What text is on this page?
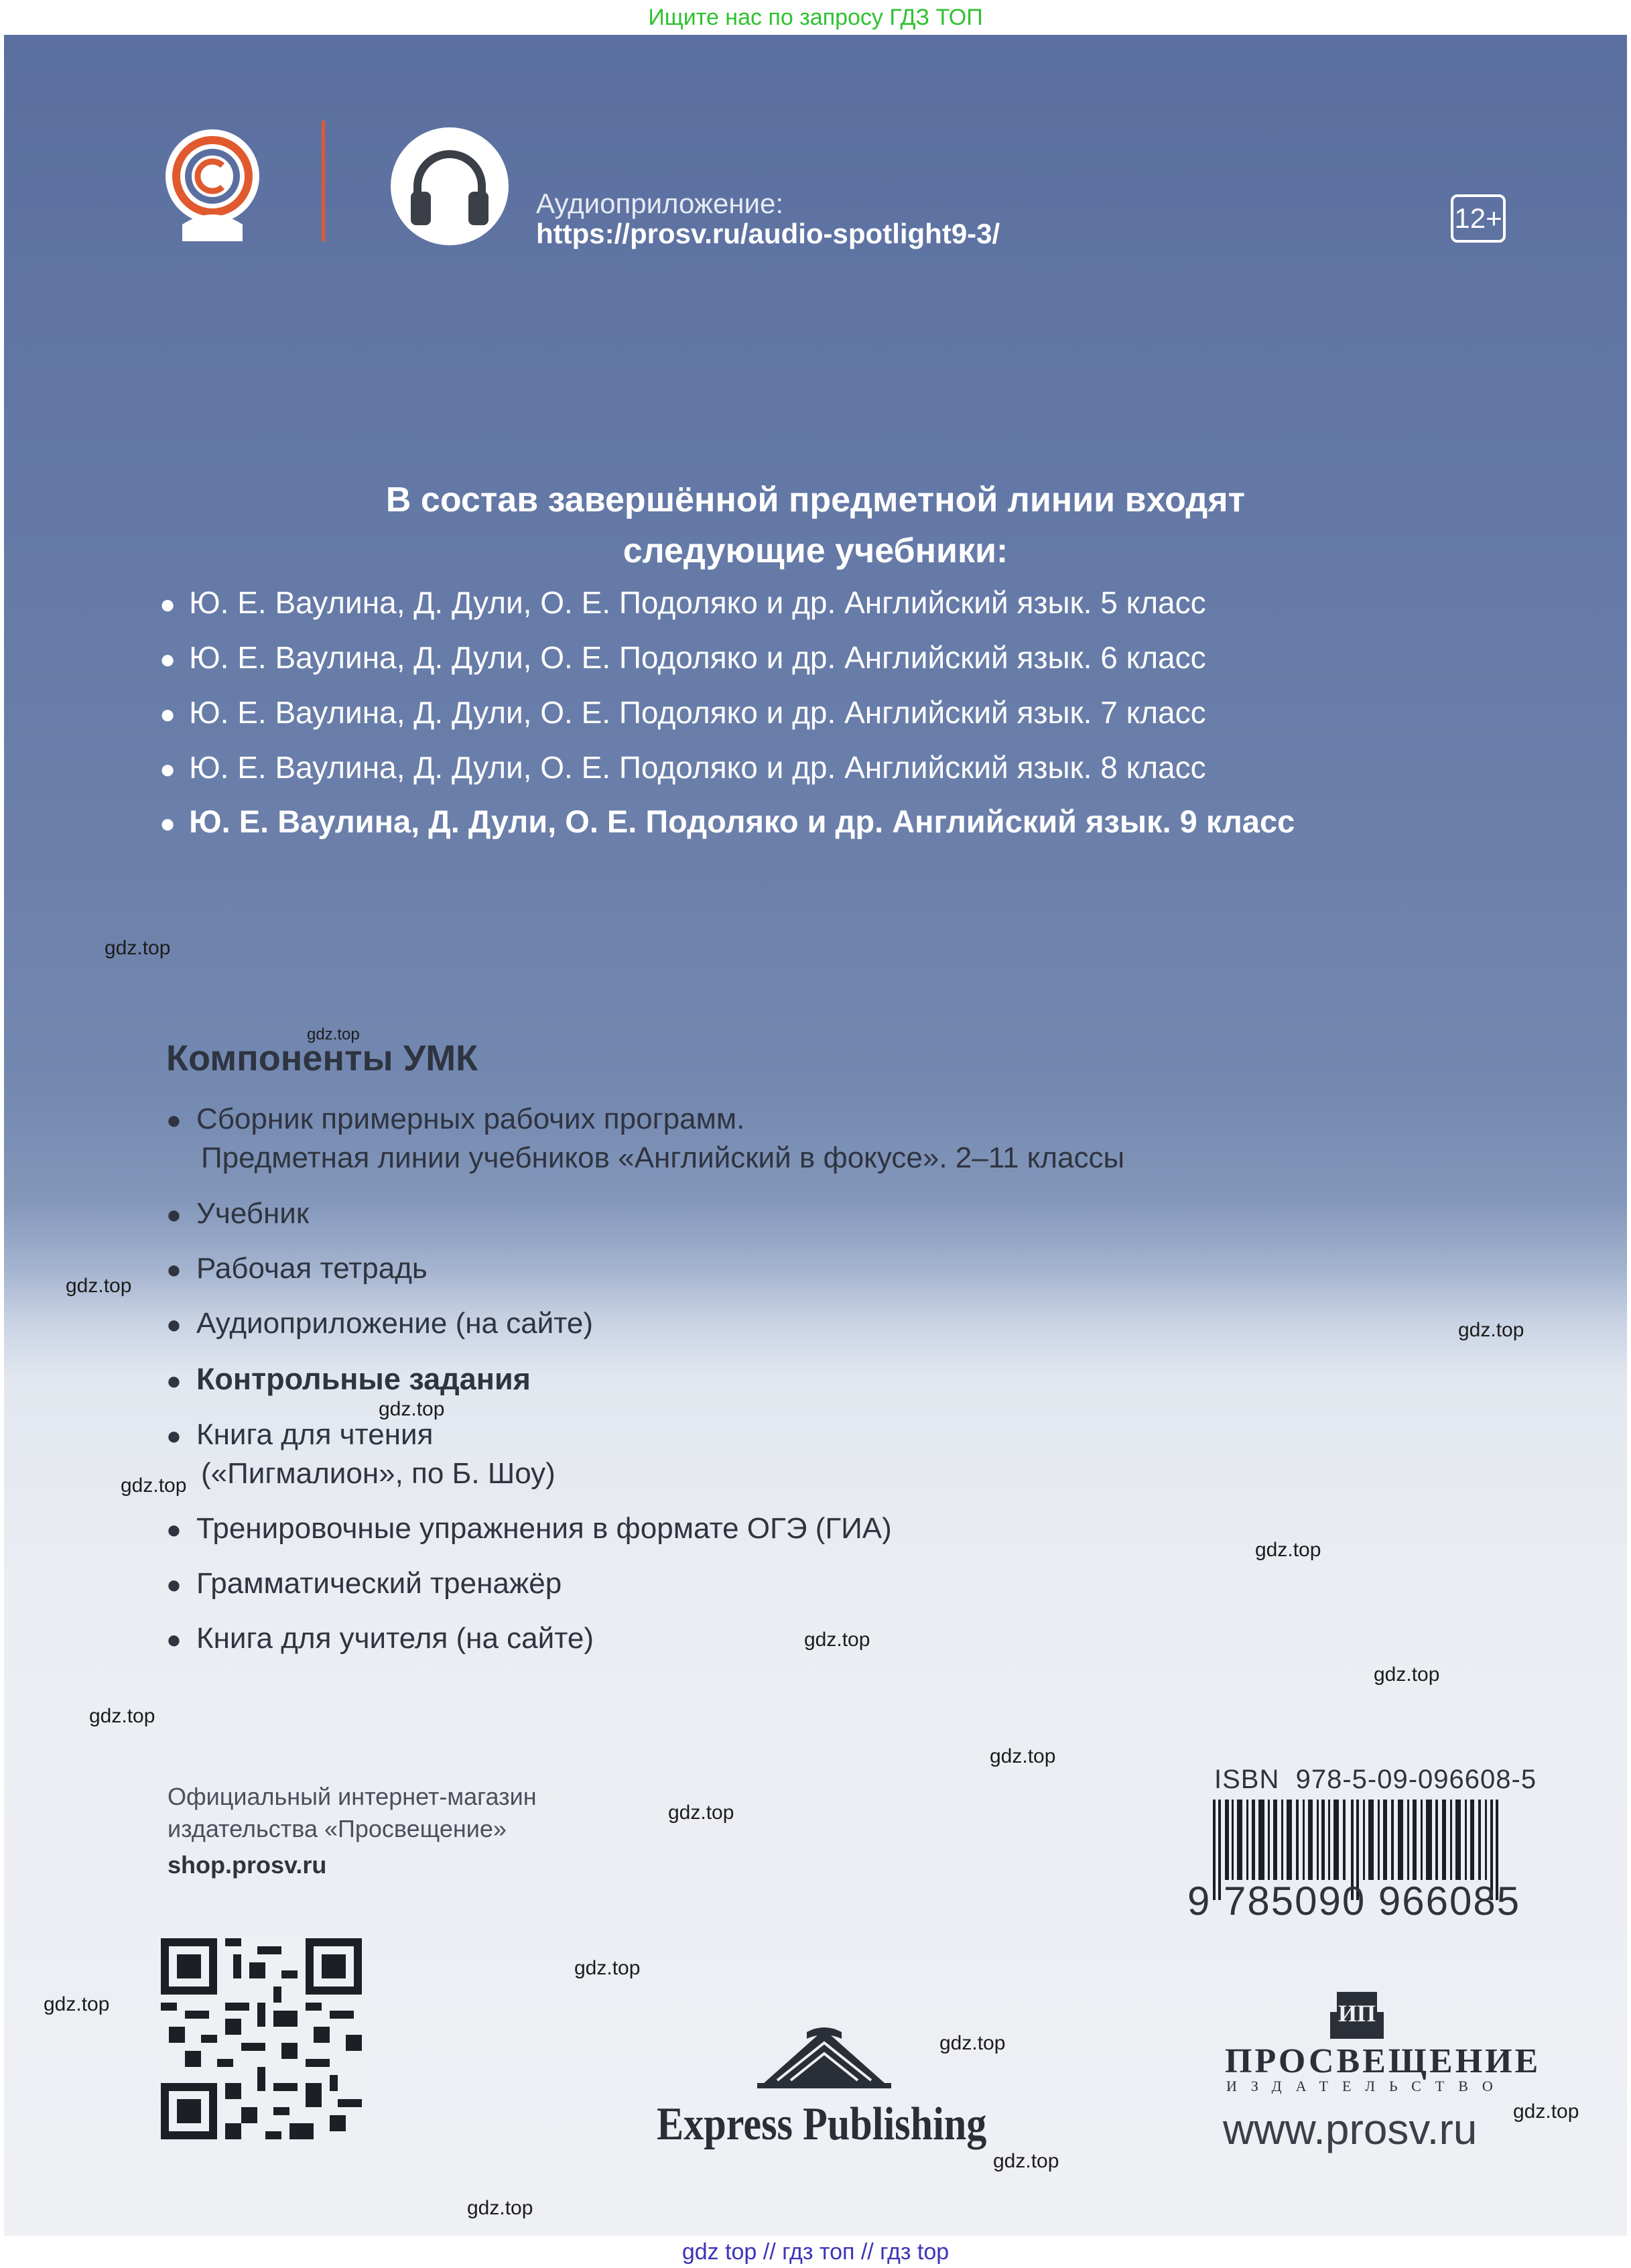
Ищите нас по запросу ГДЗ ТОП
Аудиоприложение:
https://prosv.ru/audio-spotlight9-3/	12+
В состав завершённой предметной линии входят
следующие учебники:
● Ю. Е. Ваулина, Д. Дули, О. Е. Подоляко и др. Английский язык. 5 класс
● Ю. Е. Ваулина, Д. Дули, О. Е. Подоляко и др. Английский язык. 6 класс
● Ю. Е. Ваулина, Д. Дули, О. Е. Подоляко и др. Английский язык. 7 класс
● Ю. Е. Ваулина, Д. Дули, О. Е. Подоляко и др. Английский язык. 8 класс
● Ю. Е. Ваулина, Д. Дули, О. Е. Подоляко и др. Английский язык. 9 класс
Компоненты УМК
● Сборник примерных рабочих программ.
Предметная линии учебников «Английский в фокусе». 2–11 классы
● Учебник
● Рабочая тетрадь
● Аудиоприложение (на сайте)
● Контрольные задания
● Книга для чтения
(«Пигмалион», по Б. Шоу)
● Тренировочные упражнения в формате ОГЭ (ГИА)
● Грамматический тренажёр
● Книга для учителя (на сайте)
Официальный интернет-магазин
издательства «Просвещение»
shop.prosv.ru
ISBN 978-5-09-096608-5
9 785090 966085
Express Publishing
ИП
ПРОСВЕЩЕНИЕ
ИЗДАТЕЛЬСТВО
www.prosv.ru
gdz.top
gdz.top
gdz.top
gdz.top
gdz.top
gdz.top
gdz.top
gdz.top
gdz.top
gdz.top
gdz.top
gdz.top
gdz.top
gdz.top
gdz.top
gdz.top
gdz.top
gdz.top
gdz top // гдз топ // гдз top
